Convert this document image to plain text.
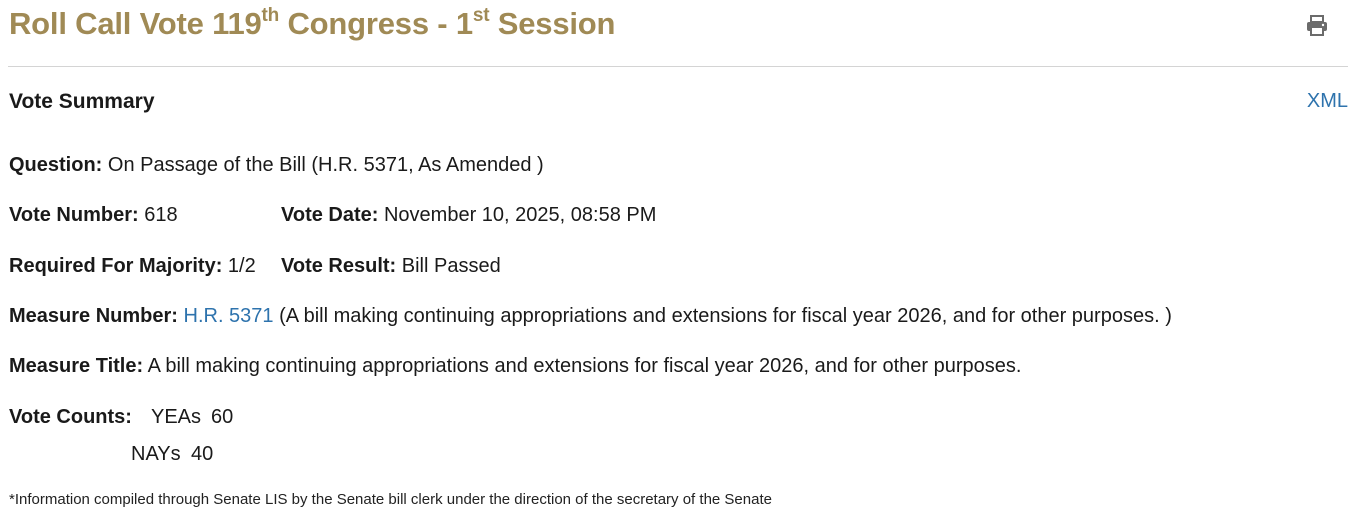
Roll Call Vote 119th Congress - 1st Session
Vote Summary	XML
Question: On Passage of the Bill (H.R. 5371, As Amended )
Vote Number: 618	Vote Date: November 10, 2025, 08:58 PM
Required For Majority: 1/2 Vote Result: Bill Passed
Measure Number: H.R. 5371 (A bill making continuing appropriations and extensions for fiscal year 2026, and for other purposes. )
Measure Title: A bill making continuing appropriations and extensions for fiscal year 2026, and for other purposes.
Vote Counts: YEAs 60
NAYs 40
*Information compiled through Senate LIS by the Senate bill clerk under the direction of the secretary of the Senate
